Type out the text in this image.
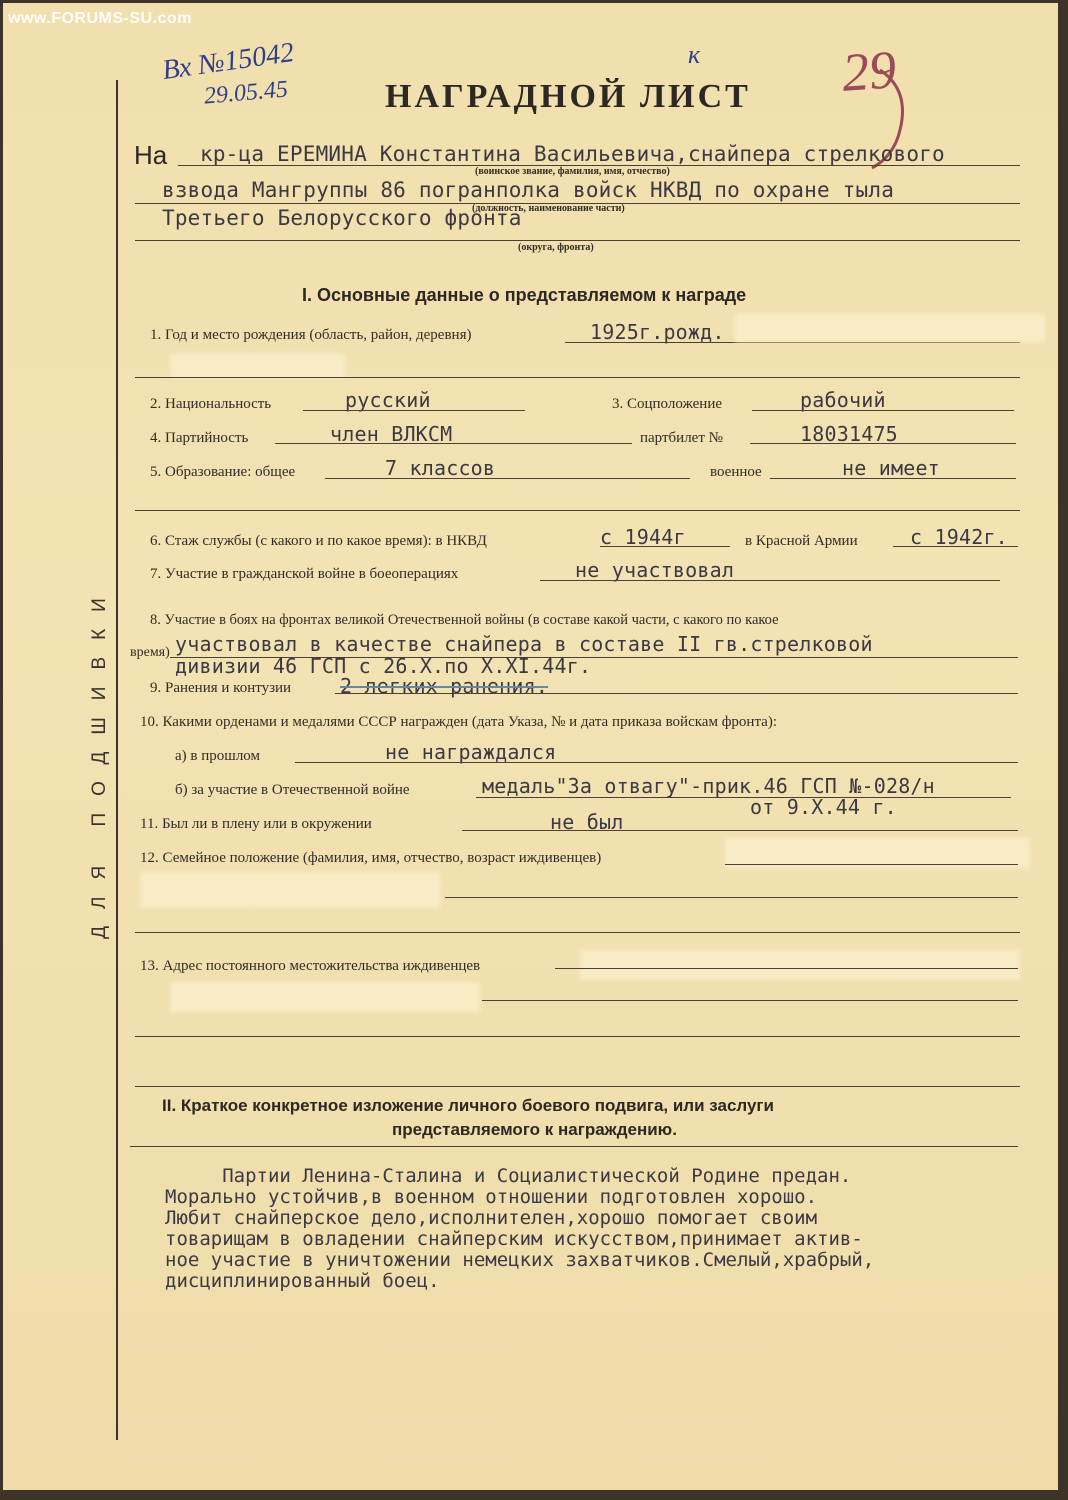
www.FORUMS-SU.com
ДЛЯ ПОДШИВКИ
Вх №15042
29.05.45
к	29
НАГРАДНОЙ ЛИСТ
На кр-ца ЕРЕМИНА Константина Васильевича,снайпера стрелкового
(воинское звание, фамилия, имя, отчество)
взвода Мангруппы 86 погранполка войск НКВД по охране тыла
(должность, наименование части)
Третьего Белорусского фронта
(округа, фронта)
I. Основные данные о представляемом к награде
1. Год и место рождения (область, район, деревня)	1925г.рожд.
2. Национальность	русский	3. Соцположение	рабочий
4. Партийность	член ВЛКСМ	партбилет №	18031475
5. Образование: общее	7 классов	военное	не имеет
6. Стаж службы (с какого и по какое время): в НКВД	с 1944г	в Красной Армии	с 1942г.
7. Участие в гражданской войне в боеоперациях	не участвовал
8. Участие в боях на фронтах великой Отечественной войны (в составе какой части, с какого по какое
время) участвовал в качестве снайпера в составе II гв.стрелковой
дивизии 46 ГСП с 26.X.по X.XI.44г.
9. Ранения и контузии 2 легких ранения.
10. Какими орденами и медалями СССР награжден (дата Указа, № и дата приказа войскам фронта):
а) в прошлом	не награждался
б) за участие в Отечественной войне	медаль"За отвагу"-прик.46 ГСП №-028/н
от 9.X.44 г.
11. Был ли в плену или в окружении	не был
12. Семейное положение (фамилия, имя, отчество, возраст иждивенцев)
13. Адрес постоянного местожительства иждивенцев
II. Краткое конкретное изложение личного боевого подвига, или заслуги
представляемого к награждению.
Партии Ленина-Сталина и Социалистической Родине предан.
Морально устойчив,в военном отношении подготовлен хорошо.
Любит снайперское дело,исполнителен,хорошо помогает своим
товарищам в овладении снайперским искусством,принимает актив-
ное участие в уничтожении немецких захватчиков.Смелый,храбрый,
дисциплинированный боец.
